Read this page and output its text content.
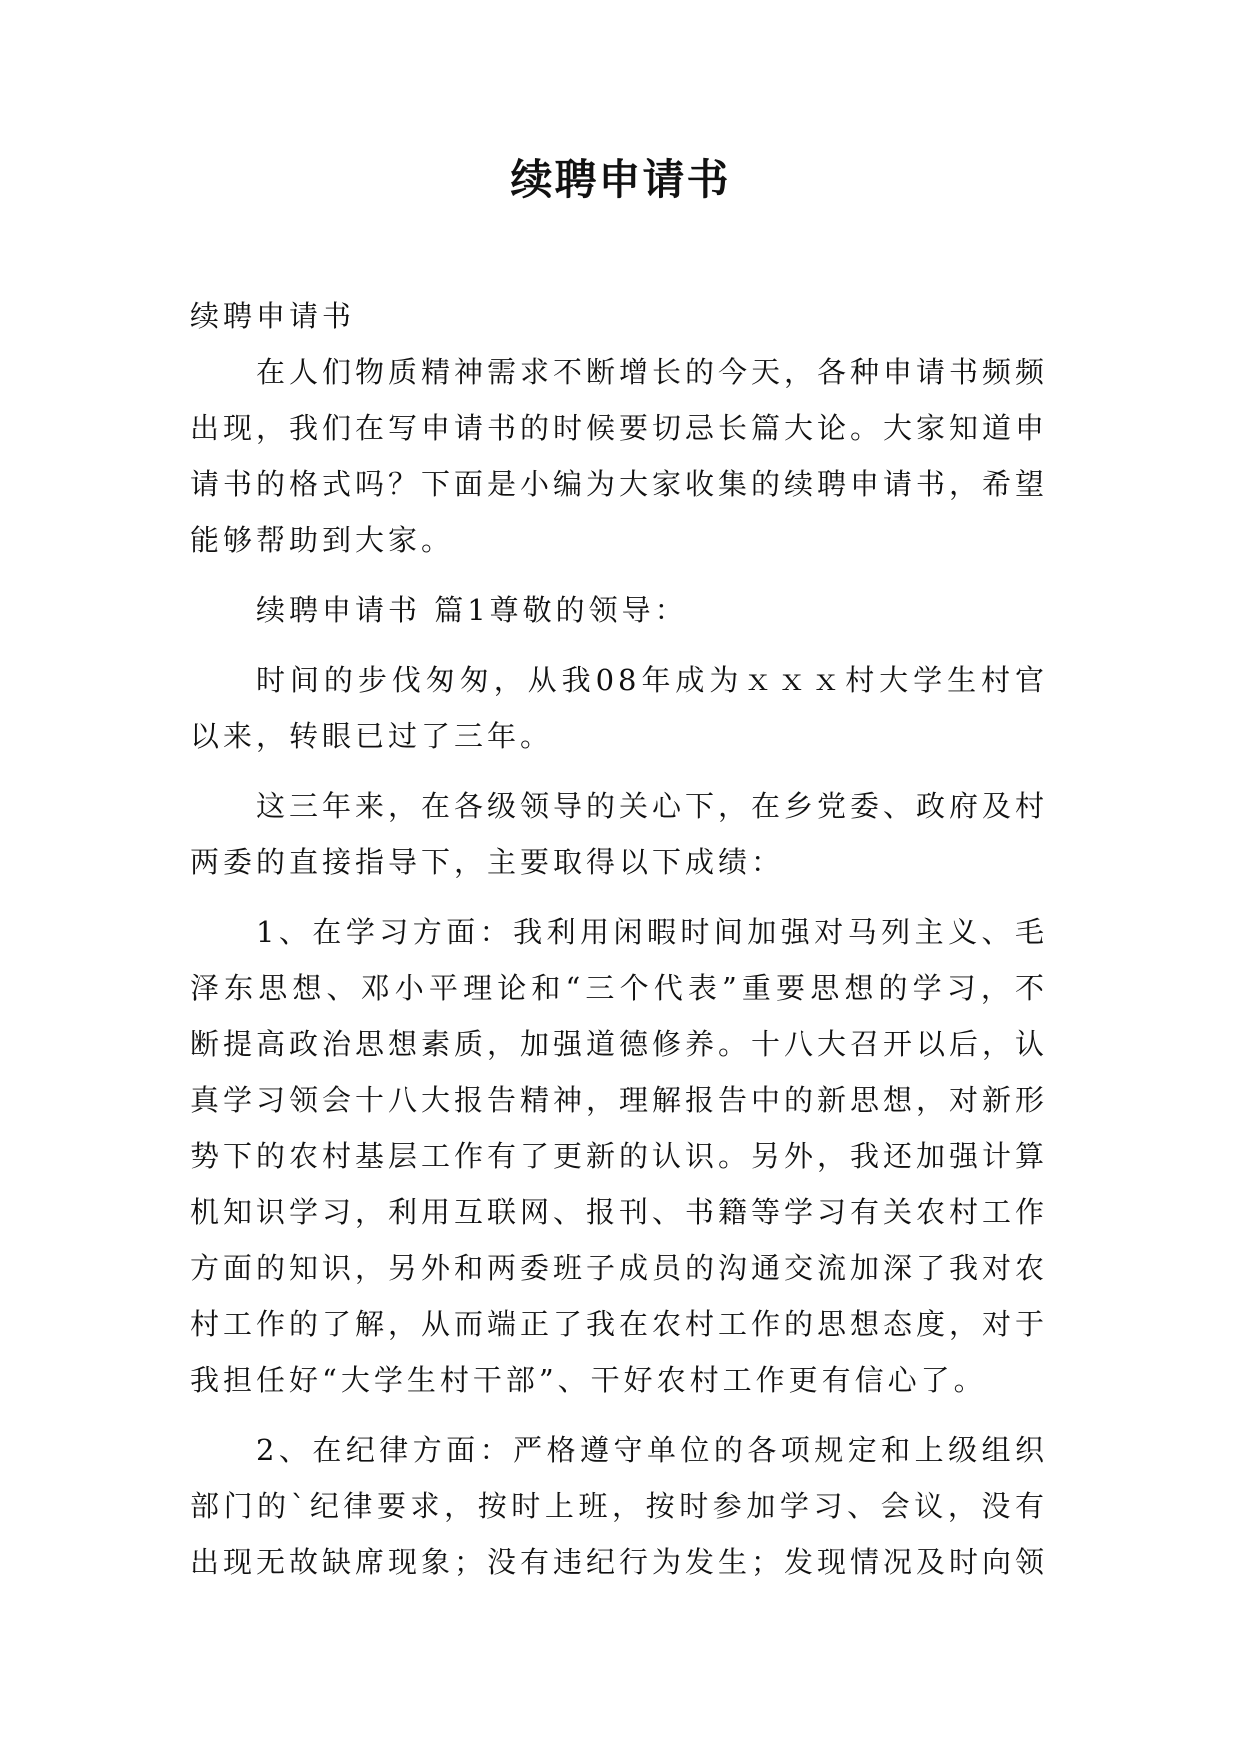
续聘申请书

续聘申请书

在人们物质精神需求不断增长的今天，各种申请书频频出现，我们在写申请书的时候要切忌长篇大论。大家知道申请书的格式吗？下面是小编为大家收集的续聘申请书，希望能够帮助到大家。

续聘申请书 篇1尊敬的领导：

时间的步伐匆匆，从我08年成为ｘｘｘ村大学生村官以来，转眼已过了三年。

这三年来，在各级领导的关心下，在乡党委、政府及村两委的直接指导下，主要取得以下成绩：

1、在学习方面：我利用闲暇时间加强对马列主义、毛泽东思想、邓小平理论和“三个代表”重要思想的学习，不断提高政治思想素质，加强道德修养。十八大召开以后，认真学习领会十八大报告精神，理解报告中的新思想，对新形势下的农村基层工作有了更新的认识。另外，我还加强计算机知识学习，利用互联网、报刊、书籍等学习有关农村工作方面的知识，另外和两委班子成员的沟通交流加深了我对农村工作的了解，从而端正了我在农村工作的思想态度，对于我担任好“大学生村干部”、干好农村工作更有信心了。

2、在纪律方面：严格遵守单位的各项规定和上级组织部门的`纪律要求，按时上班，按时参加学习、会议，没有出现无故缺席现象；没有违纪行为发生；发现情况及时向领
